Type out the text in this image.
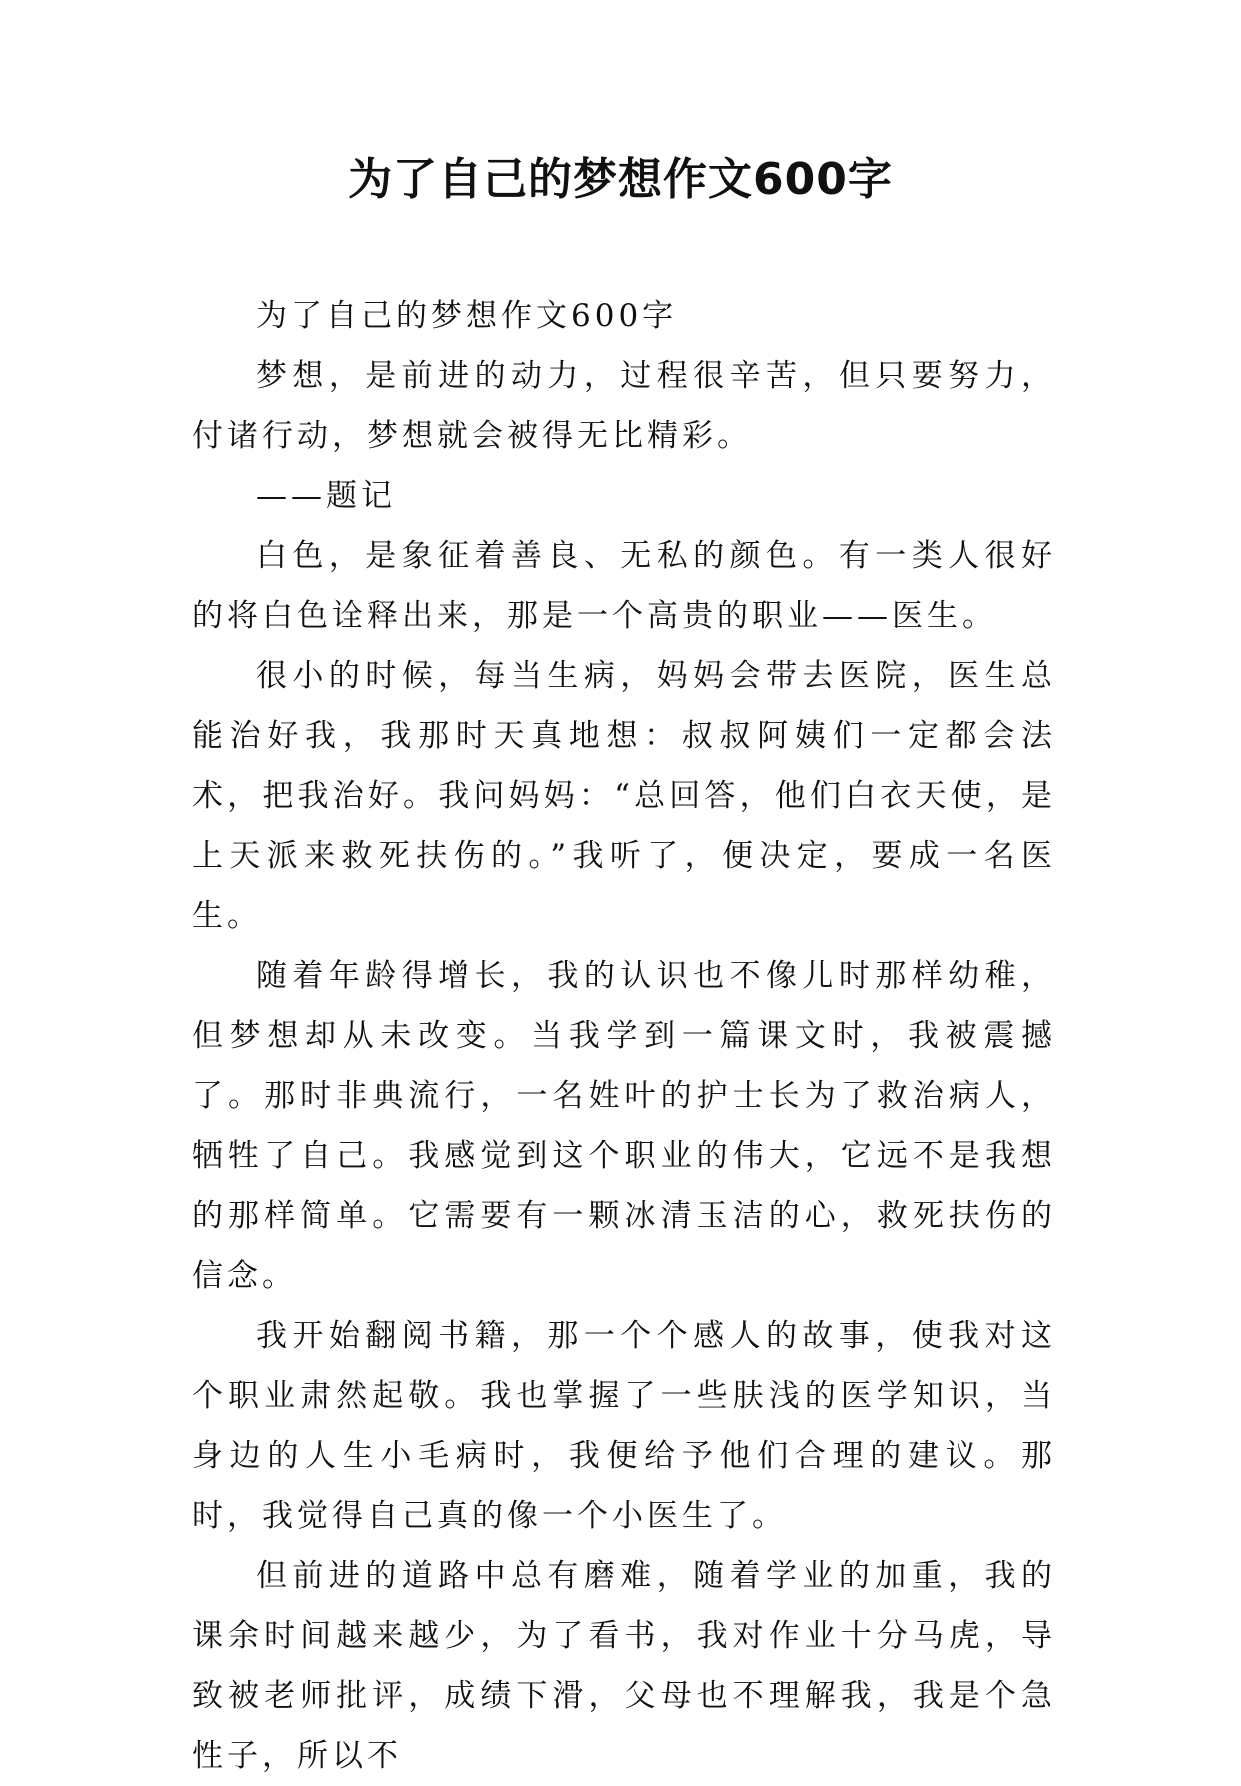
为了自己的梦想作文600字

为了自己的梦想作文600字

梦想，是前进的动力，过程很辛苦，但只要努力，付诸行动，梦想就会被得无比精彩。

——题记

白色，是象征着善良、无私的颜色。有一类人很好的将白色诠释出来，那是一个高贵的职业——医生。

很小的时候，每当生病，妈妈会带去医院，医生总能治好我，我那时天真地想：叔叔阿姨们一定都会法术，把我治好。我问妈妈：“总回答，他们白衣天使，是上天派来救死扶伤的。”我听了，便决定，要成一名医生。

随着年龄得增长，我的认识也不像儿时那样幼稚，但梦想却从未改变。当我学到一篇课文时，我被震撼了。那时非典流行，一名姓叶的护士长为了救治病人，牺牲了自己。我感觉到这个职业的伟大，它远不是我想的那样简单。它需要有一颗冰清玉洁的心，救死扶伤的信念。

我开始翻阅书籍，那一个个感人的故事，使我对这个职业肃然起敬。我也掌握了一些肤浅的医学知识，当身边的人生小毛病时，我便给予他们合理的建议。那时，我觉得自己真的像一个小医生了。

但前进的道路中总有磨难，随着学业的加重，我的课余时间越来越少，为了看书，我对作业十分马虎，导致被老师批评，成绩下滑，父母也不理解我，我是个急性子，所以不
